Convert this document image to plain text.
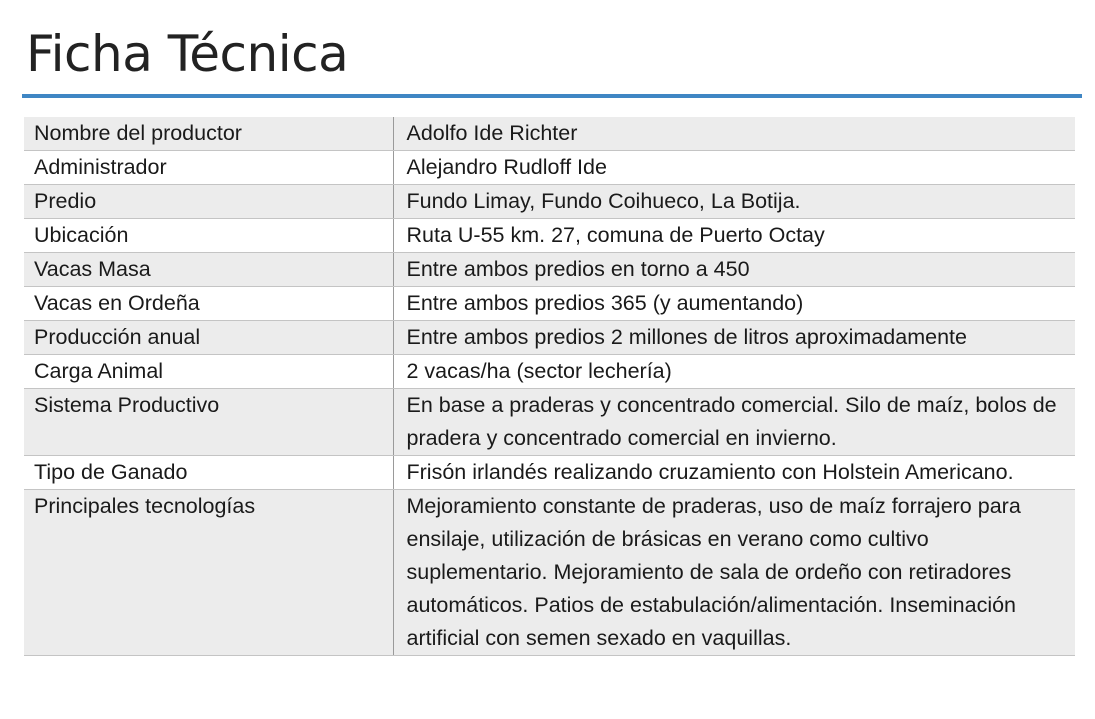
Ficha Técnica
Nombre del productor	Adolfo Ide Richter
Administrador	Alejandro Rudloff Ide
Predio	Fundo Limay, Fundo Coihueco, La Botija.
Ubicación	Ruta U-55 km. 27, comuna de Puerto Octay
Vacas Masa	Entre ambos predios en torno a 450
Vacas en Ordeña	Entre ambos predios 365 (y aumentando)
Producción anual	Entre ambos predios 2 millones de litros aproximadamente
Carga Animal	2 vacas/ha (sector lechería)
Sistema Productivo	En base a praderas y concentrado comercial. Silo de maíz, bolos de pradera y concentrado comercial en invierno.
Tipo de Ganado	Frisón irlandés realizando cruzamiento con Holstein Americano.
Principales tecnologías	Mejoramiento constante de praderas, uso de maíz forrajero para ensilaje, utilización de brásicas en verano como cultivo suplementario. Mejoramiento de sala de ordeño con retiradores automáticos. Patios de estabulación/alimentación. Inseminación artificial con semen sexado en vaquillas.
